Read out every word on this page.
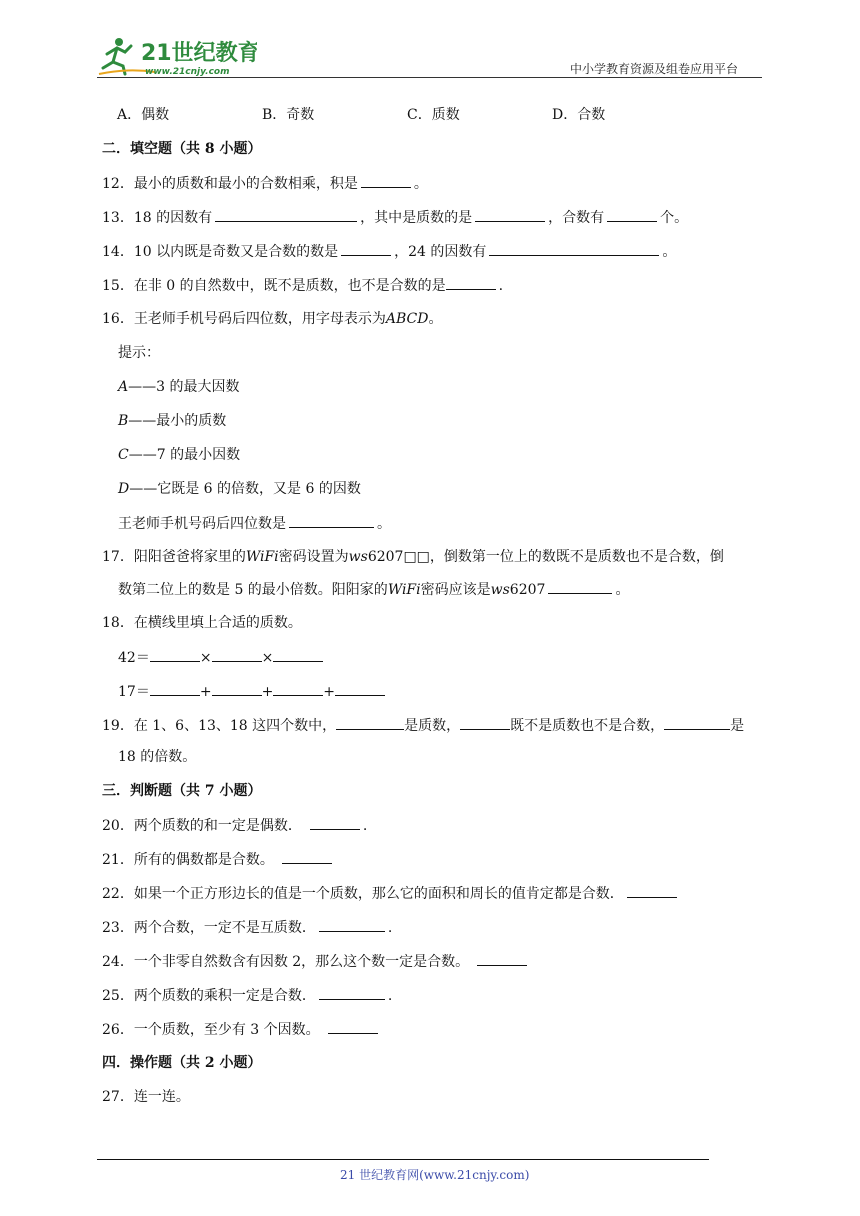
21世纪教育
www.21cnjy.com	中小学教育资源及组卷应用平台
A．偶数	B．奇数	C．质数	D．合数
二．填空题（共 8 小题）
12．最小的质数和最小的合数相乘，积是	。
13．18 的因数有	，其中是质数的是	，合数有	个。
14．10 以内既是奇数又是合数的数是	，24 的因数有	。
15．在非 0 的自然数中，既不是质数，也不是合数的是	.
16．王老师手机号码后四位数，用字母表示为ABCD。
提示：
A——3 的最大因数
B——最小的质数
C——7 的最小因数
D——它既是 6 的倍数，又是 6 的因数
王老师手机号码后四位数是	。
17．阳阳爸爸将家里的WiFi密码设置为ws6207□□，倒数第一位上的数既不是质数也不是合数，倒
数第二位上的数是 5 的最小倍数。阳阳家的WiFi密码应该是ws6207	。
18．在横线里填上合适的质数。
42＝	×	×
17＝	+	+	+
19．在 1、6、13、18 这四个数中，	是质数，	既不是质数也不是合数，	是
18 的倍数。
三．判断题（共 7 小题）
20．两个质数的和一定是偶数．	.
21．所有的偶数都是合数。
22．如果一个正方形边长的值是一个质数，那么它的面积和周长的值肯定都是合数．
23．两个合数，一定不是互质数．	.
24．一个非零自然数含有因数 2，那么这个数一定是合数。
25．两个质数的乘积一定是合数．	.
26．一个质数，至少有 3 个因数。
四．操作题（共 2 小题）
27．连一连。
21 世纪教育网(www.21cnjy.com)
